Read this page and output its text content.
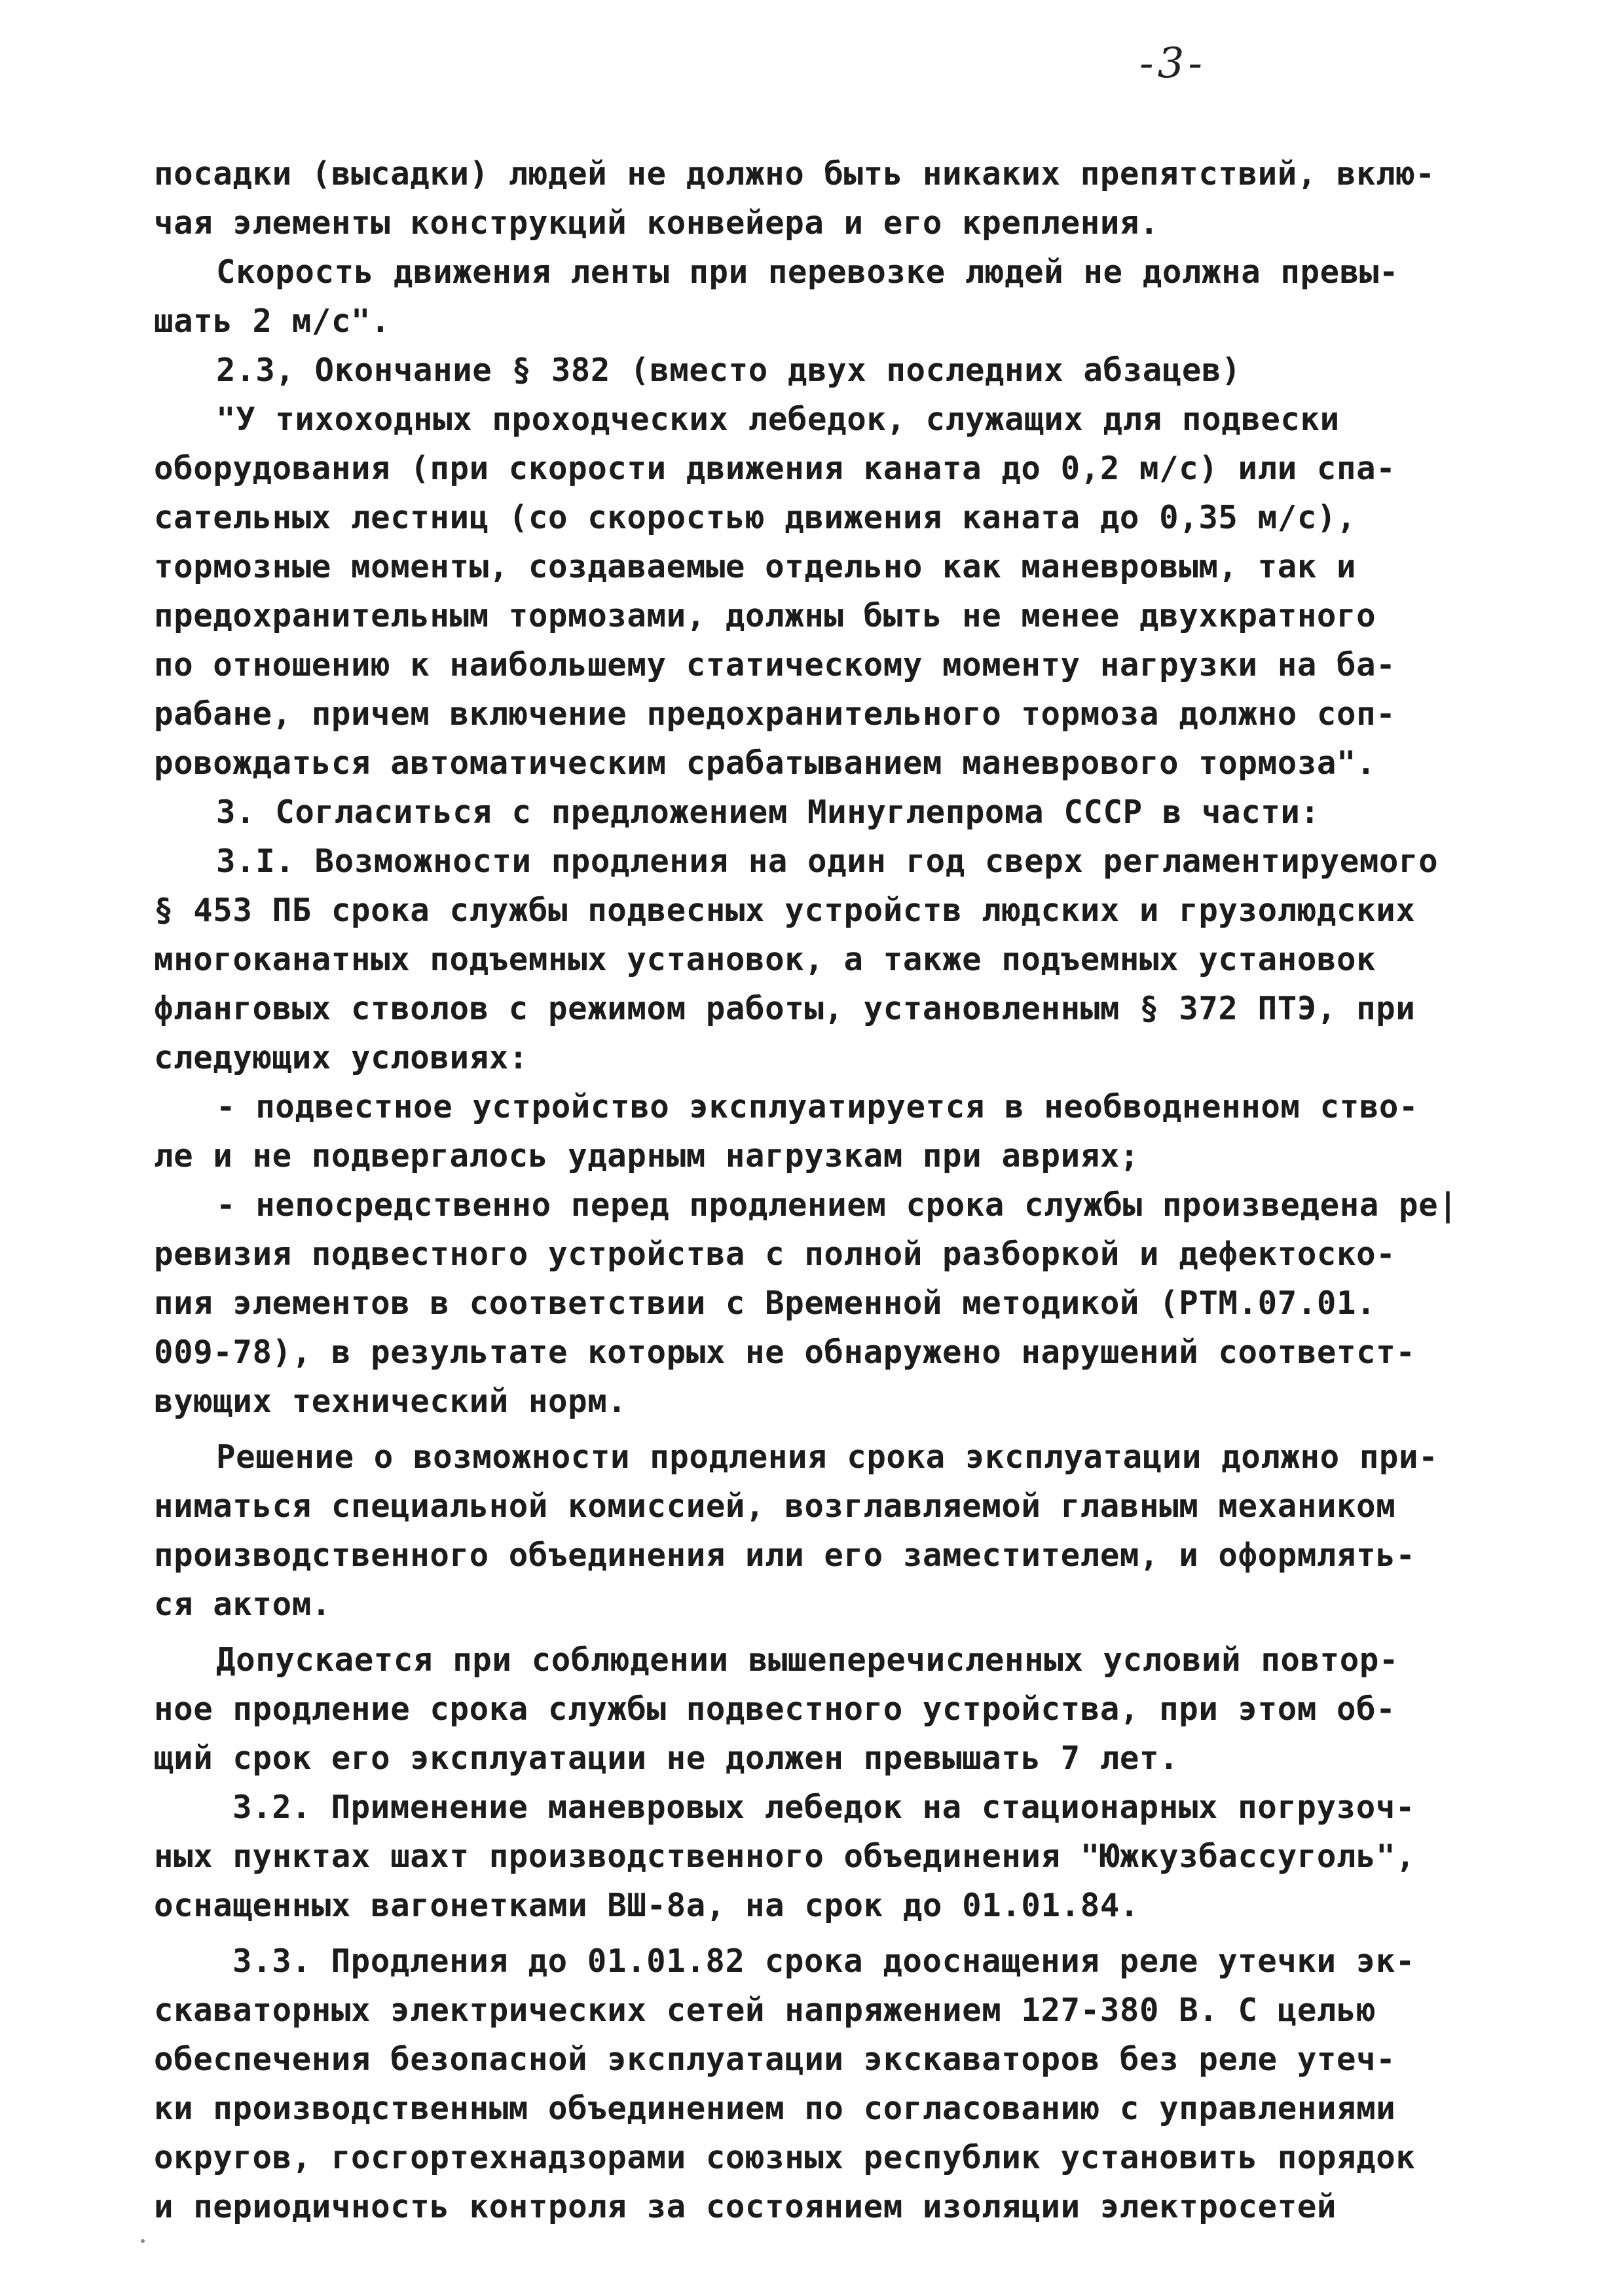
-3-
посадки (высадки) людей не должно быть никаких препятствий, вклю-
чая элементы конструкций конвейера и его крепления.
Скорость движения ленты при перевозке людей не должна превы-
шать 2 м/с".
2.3, Окончание § 382 (вместо двух последних абзацев)
"У тихоходных проходческих лебедок, служащих для подвески
оборудования (при скорости движения каната до 0,2 м/с) или спа-
сательных лестниц (со скоростью движения каната до 0,35 м/с),
тормозные моменты, создаваемые отдельно как маневровым, так и
предохранительным тормозами, должны быть не менее двухкратного
по отношению к наибольшему статическому моменту нагрузки на ба-
рабане, причем включение предохранительного тормоза должно соп-
ровождаться автоматическим срабатыванием маневрового тормоза".
3. Согласиться с предложением Минуглепрома СССР в части:
3.I. Возможности продления на один год сверх регламентируемого
§ 453 ПБ срока службы подвесных устройств людских и грузолюдских
многоканатных подъемных установок, а также подъемных установок
фланговых стволов с режимом работы, установленным § 372 ПТЭ, при
следующих условиях:
- подвестное устройство эксплуатируется в необводненном ство-
ле и не подвергалось ударным нагрузкам при авриях;
- непосредственно перед продлением срока службы произведена ре|
ревизия подвестного устройства с полной разборкой и дефектоско-
пия элементов в соответствии с Временной методикой (РТМ.07.01.
009-78), в результате которых не обнаружено нарушений соответст-
вующих технический норм.
Решение о возможности продления срока эксплуатации должно при-
ниматься специальной комиссией, возглавляемой главным механиком
производственного объединения или его заместителем, и оформлять-
ся актом.
Допускается при соблюдении вышеперечисленных условий повтор-
ное продление срока службы подвестного устройства, при этом об-
щий срок его эксплуатации не должен превышать 7 лет.
3.2. Применение маневровых лебедок на стационарных погрузоч-
ных пунктах шахт производственного объединения "Южкузбассуголь",
оснащенных вагонетками ВШ-8а, на срок до 01.01.84.
3.3. Продления до 01.01.82 срока дооснащения реле утечки эк-
скаваторных электрических сетей напряжением 127-380 В. С целью
обеспечения безопасной эксплуатации экскаваторов без реле утеч-
ки производственным объединением по согласованию с управлениями
округов, госгортехнадзорами союзных республик установить порядок
и периодичность контроля за состоянием изоляции электросетей
